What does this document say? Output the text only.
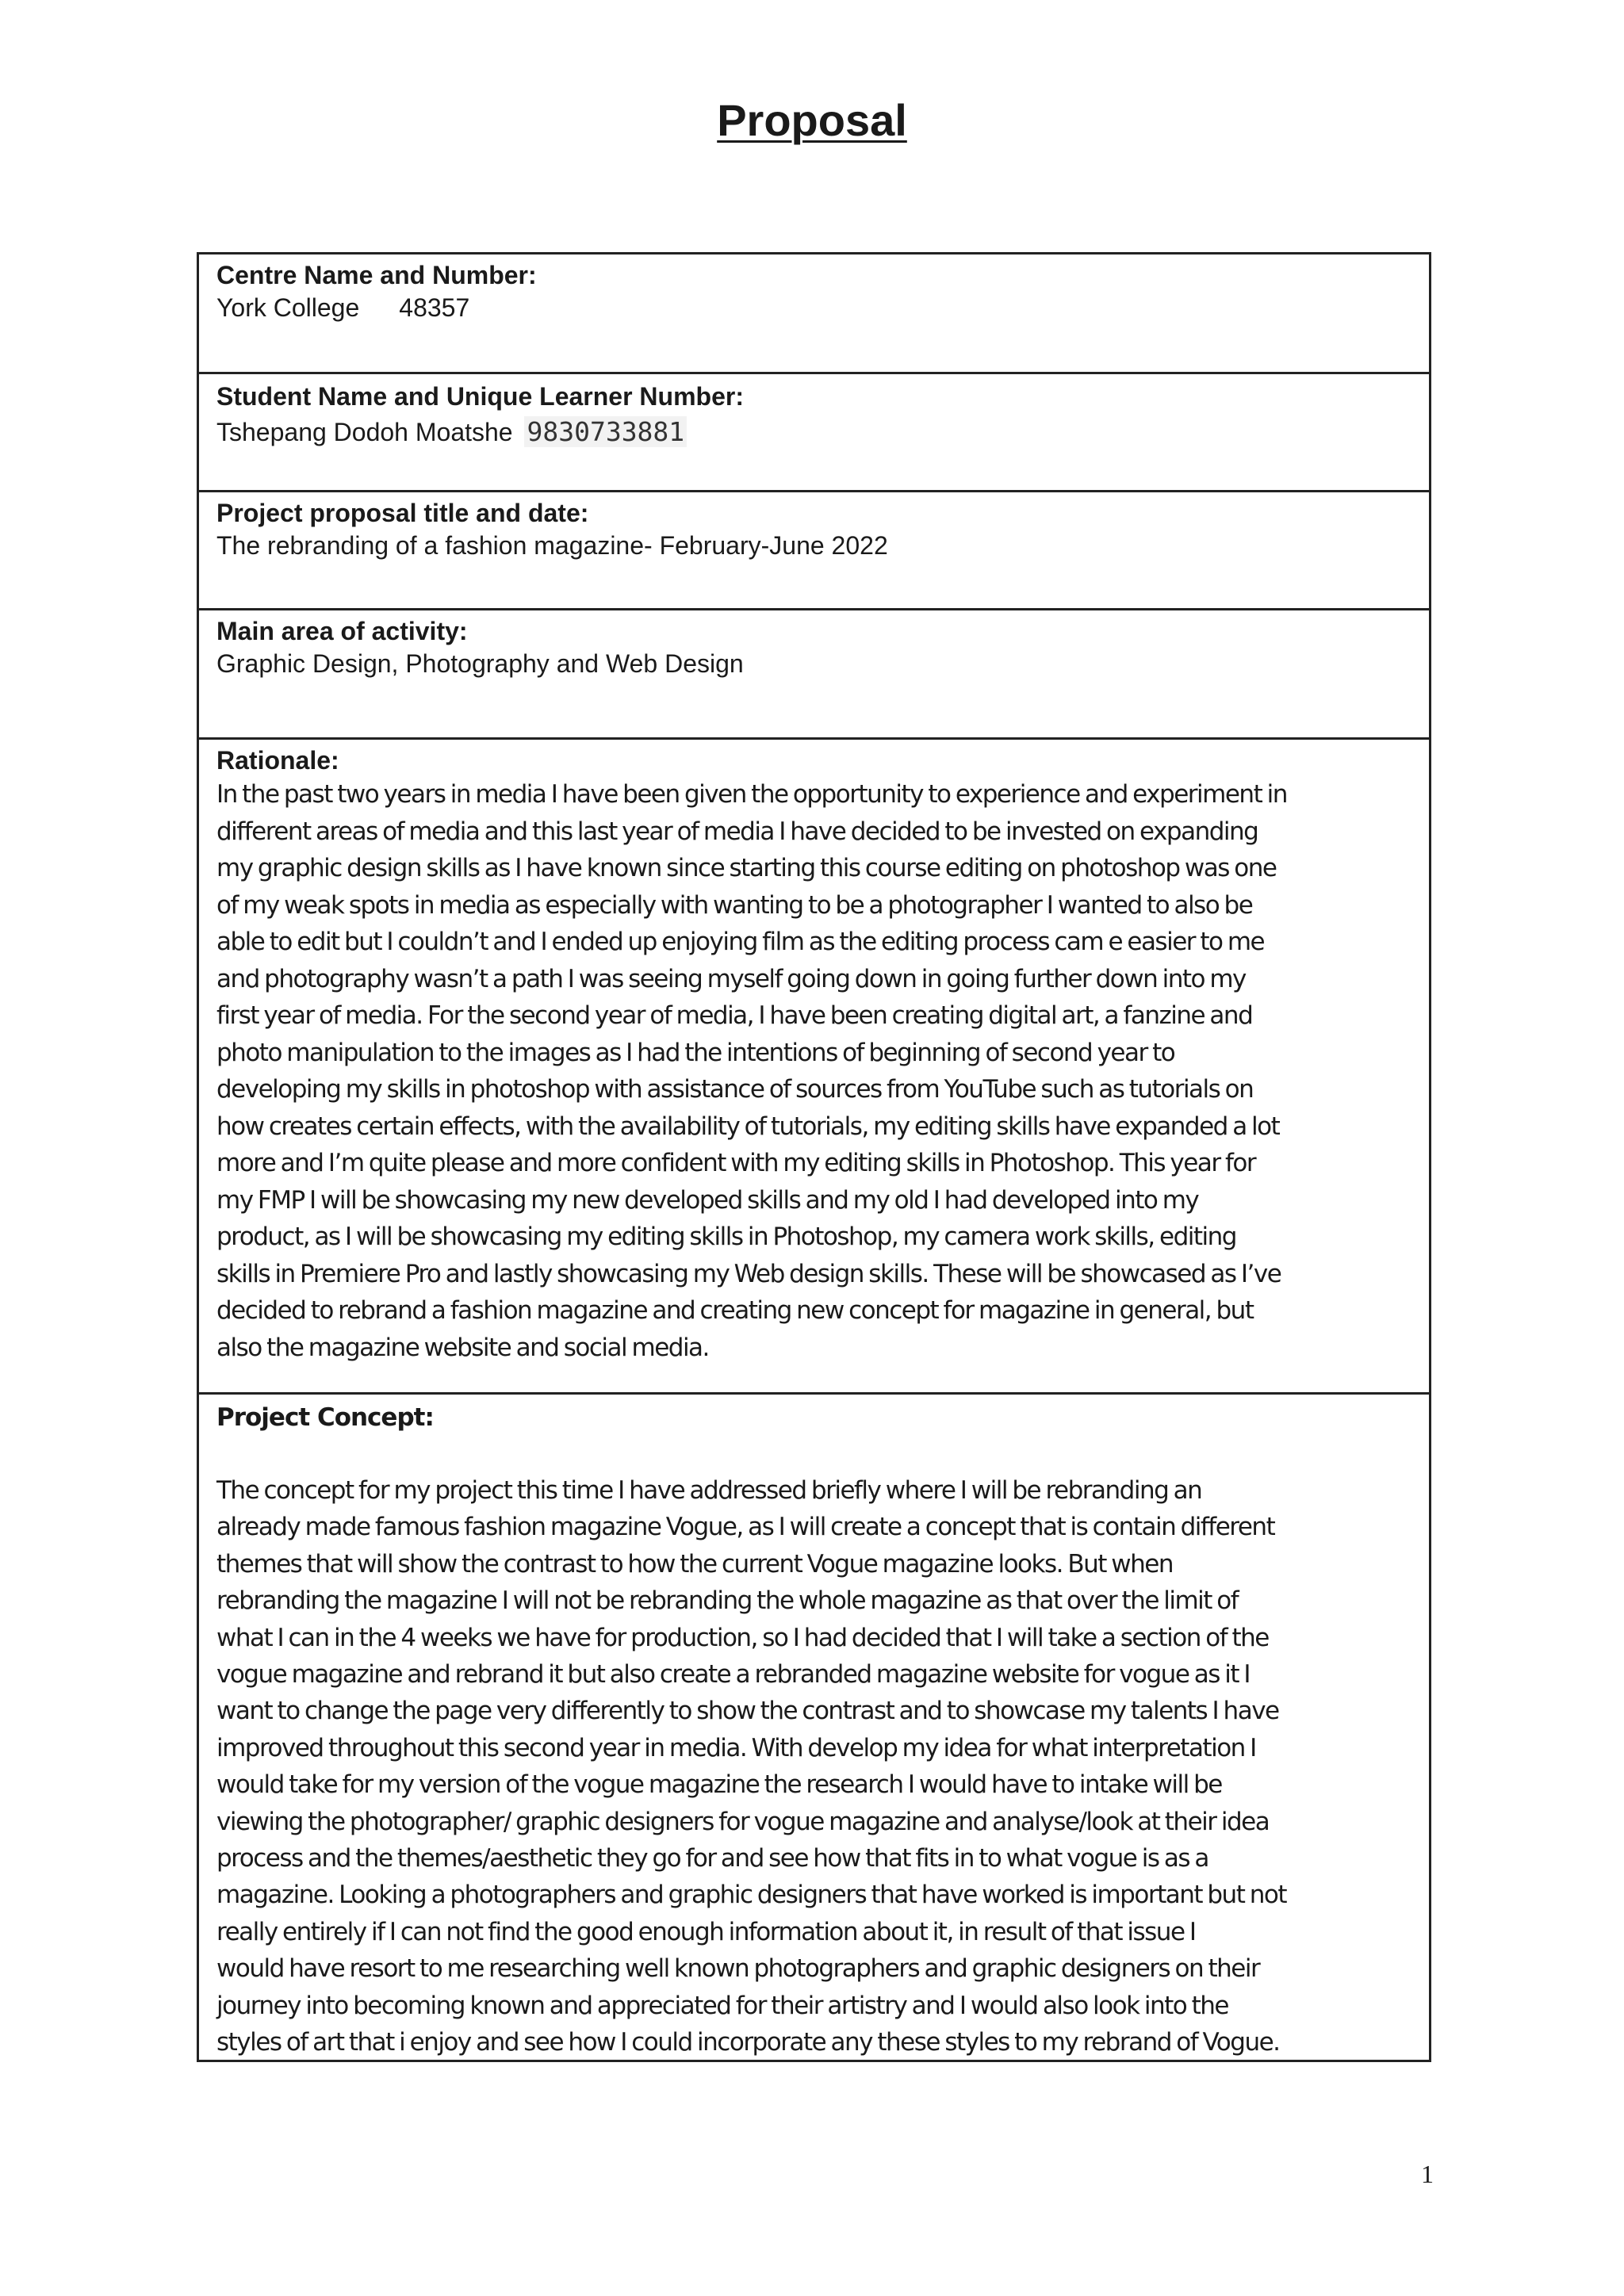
Proposal

Centre Name and Number:

York College 48357

Student Name and Unique Learner Number:

Tshepang Dodoh Moatshe 9830733881

Project proposal title and date:

The rebranding of a fashion magazine- February-June 2022

Main area of activity:

Graphic Design, Photography and Web Design

Rationale:

In the past two years in media I have been given the opportunity to experience and experiment in
different areas of media and this last year of media I have decided to be invested on expanding
my graphic design skills as I have known since starting this course editing on photoshop was one
of my weak spots in media as especially with wanting to be a photographer I wanted to also be
able to edit but I couldn’t and I ended up enjoying film as the editing process cam e easier to me
and photography wasn’t a path I was seeing myself going down in going further down into my
first year of media. For the second year of media, I have been creating digital art, a fanzine and
photo manipulation to the images as I had the intentions of beginning of second year to
developing my skills in photoshop with assistance of sources from YouTube such as tutorials on
how creates certain effects, with the availability of tutorials, my editing skills have expanded a lot
more and I’m quite please and more confident with my editing skills in Photoshop. This year for
my FMP I will be showcasing my new developed skills and my old I had developed into my
product, as I will be showcasing my editing skills in Photoshop, my camera work skills, editing
skills in Premiere Pro and lastly showcasing my Web design skills. These will be showcased as I’ve
decided to rebrand a fashion magazine and creating new concept for magazine in general, but
also the magazine website and social media.

Project Concept:

The concept for my project this time I have addressed briefly where I will be rebranding an
already made famous fashion magazine Vogue, as I will create a concept that is contain different
themes that will show the contrast to how the current Vogue magazine looks. But when
rebranding the magazine I will not be rebranding the whole magazine as that over the limit of
what I can in the 4 weeks we have for production, so I had decided that I will take a section of the
vogue magazine and rebrand it but also create a rebranded magazine website for vogue as it I
want to change the page very differently to show the contrast and to showcase my talents I have
improved throughout this second year in media. With develop my idea for what interpretation I
would take for my version of the vogue magazine the research I would have to intake will be
viewing the photographer/ graphic designers for vogue magazine and analyse/look at their idea
process and the themes/aesthetic they go for and see how that fits in to what vogue is as a
magazine. Looking a photographers and graphic designers that have worked is important but not
really entirely if I can not find the good enough information about it, in result of that issue I
would have resort to me researching well known photographers and graphic designers on their
journey into becoming known and appreciated for their artistry and I would also look into the
styles of art that i enjoy and see how I could incorporate any these styles to my rebrand of Vogue.
1
